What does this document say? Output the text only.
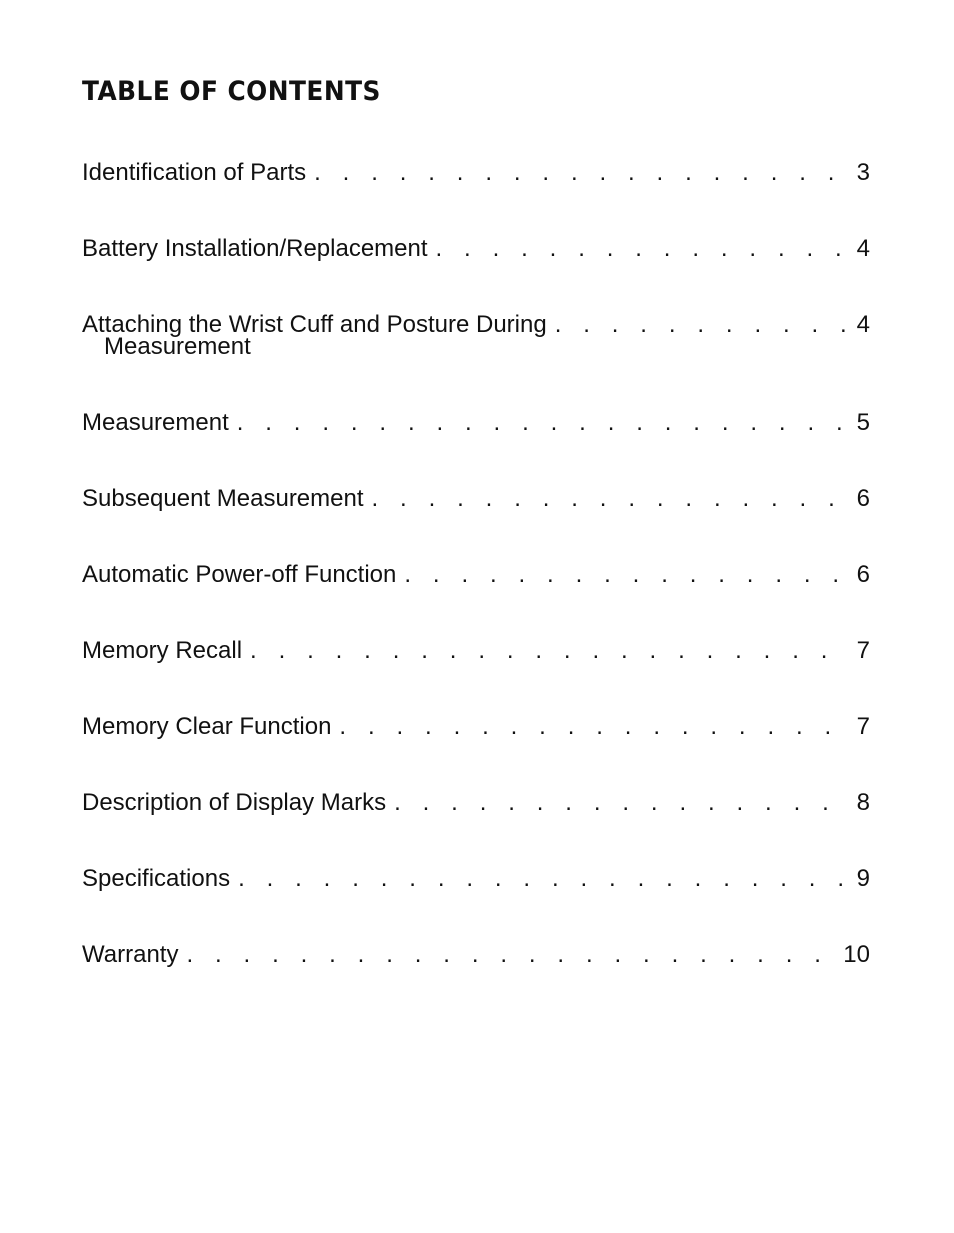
TABLE OF CONTENTS
Identification of Parts . . .	3
Battery Installation/Replacement . . .	4
Attaching the Wrist Cuff and Posture During . . .	4
Measurement
Measurement . . .	5
Subsequent Measurement . . .	6
Automatic Power-off Function . . .	6
Memory Recall . . .	7
Memory Clear Function . . .	7
Description of Display Marks . . .	8
Specifications . . .	9
Warranty . . .	10
